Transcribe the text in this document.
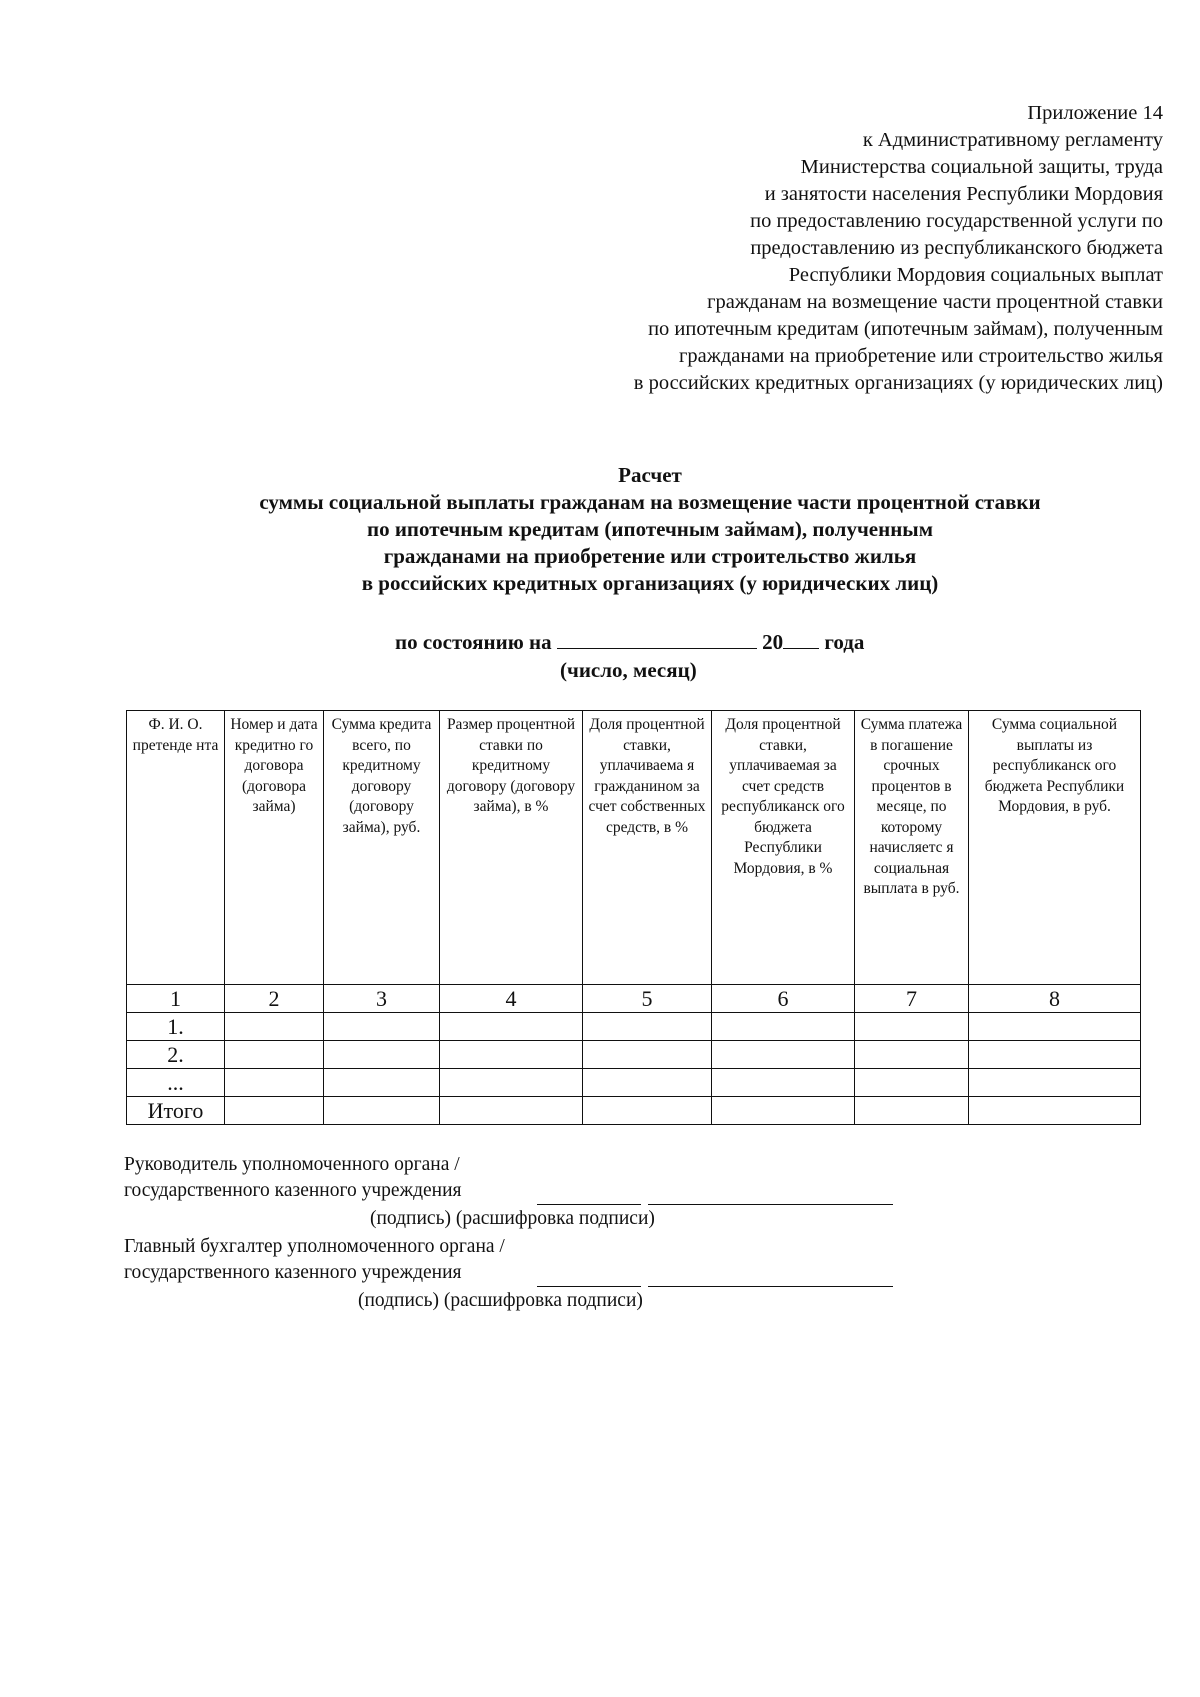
Приложение 14
к Административному регламенту
Министерства социальной защиты, труда
и занятости населения Республики Мордовия
по предоставлению государственной услуги по
предоставлению из республиканского бюджета
Республики Мордовия социальных выплат
гражданам на возмещение части процентной ставки
по ипотечным кредитам (ипотечным займам), полученным
гражданами на приобретение или строительство жилья
в российских кредитных организациях (у юридических лиц)
Расчет
суммы социальной выплаты гражданам на возмещение части процентной ставки
по ипотечным кредитам (ипотечным займам), полученным
гражданами на приобретение или строительство жилья
в российских кредитных организациях (у юридических лиц)
по состоянию на	20 года
(число, месяц)
Ф. И. О. претенде нта	Номер и дата кредитно го договора (договора займа)	Сумма кредита всего, по кредитному договору (договору займа), руб.	Размер процентной ставки по кредитному договору (договору займа), в %	Доля процентной ставки, уплачиваема я гражданином за счет собственных средств, в %	Доля процентной ставки, уплачиваемая за счет средств республиканск ого бюджета Республики Мордовия, в %	Сумма платежа в погашение срочных процентов в месяце, по которому начисляетс я социальная выплата в руб.	Сумма социальной выплаты из республиканск ого бюджета Республики Мордовия, в руб.
1	2	3	4	5	6	7	8
1.							
2.							
...							
Итого							
Руководитель уполномоченного органа /
государственного казенного учреждения
(подпись) (расшифровка подписи)
Главный бухгалтер уполномоченного органа /
государственного казенного учреждения
(подпись) (расшифровка подписи)
